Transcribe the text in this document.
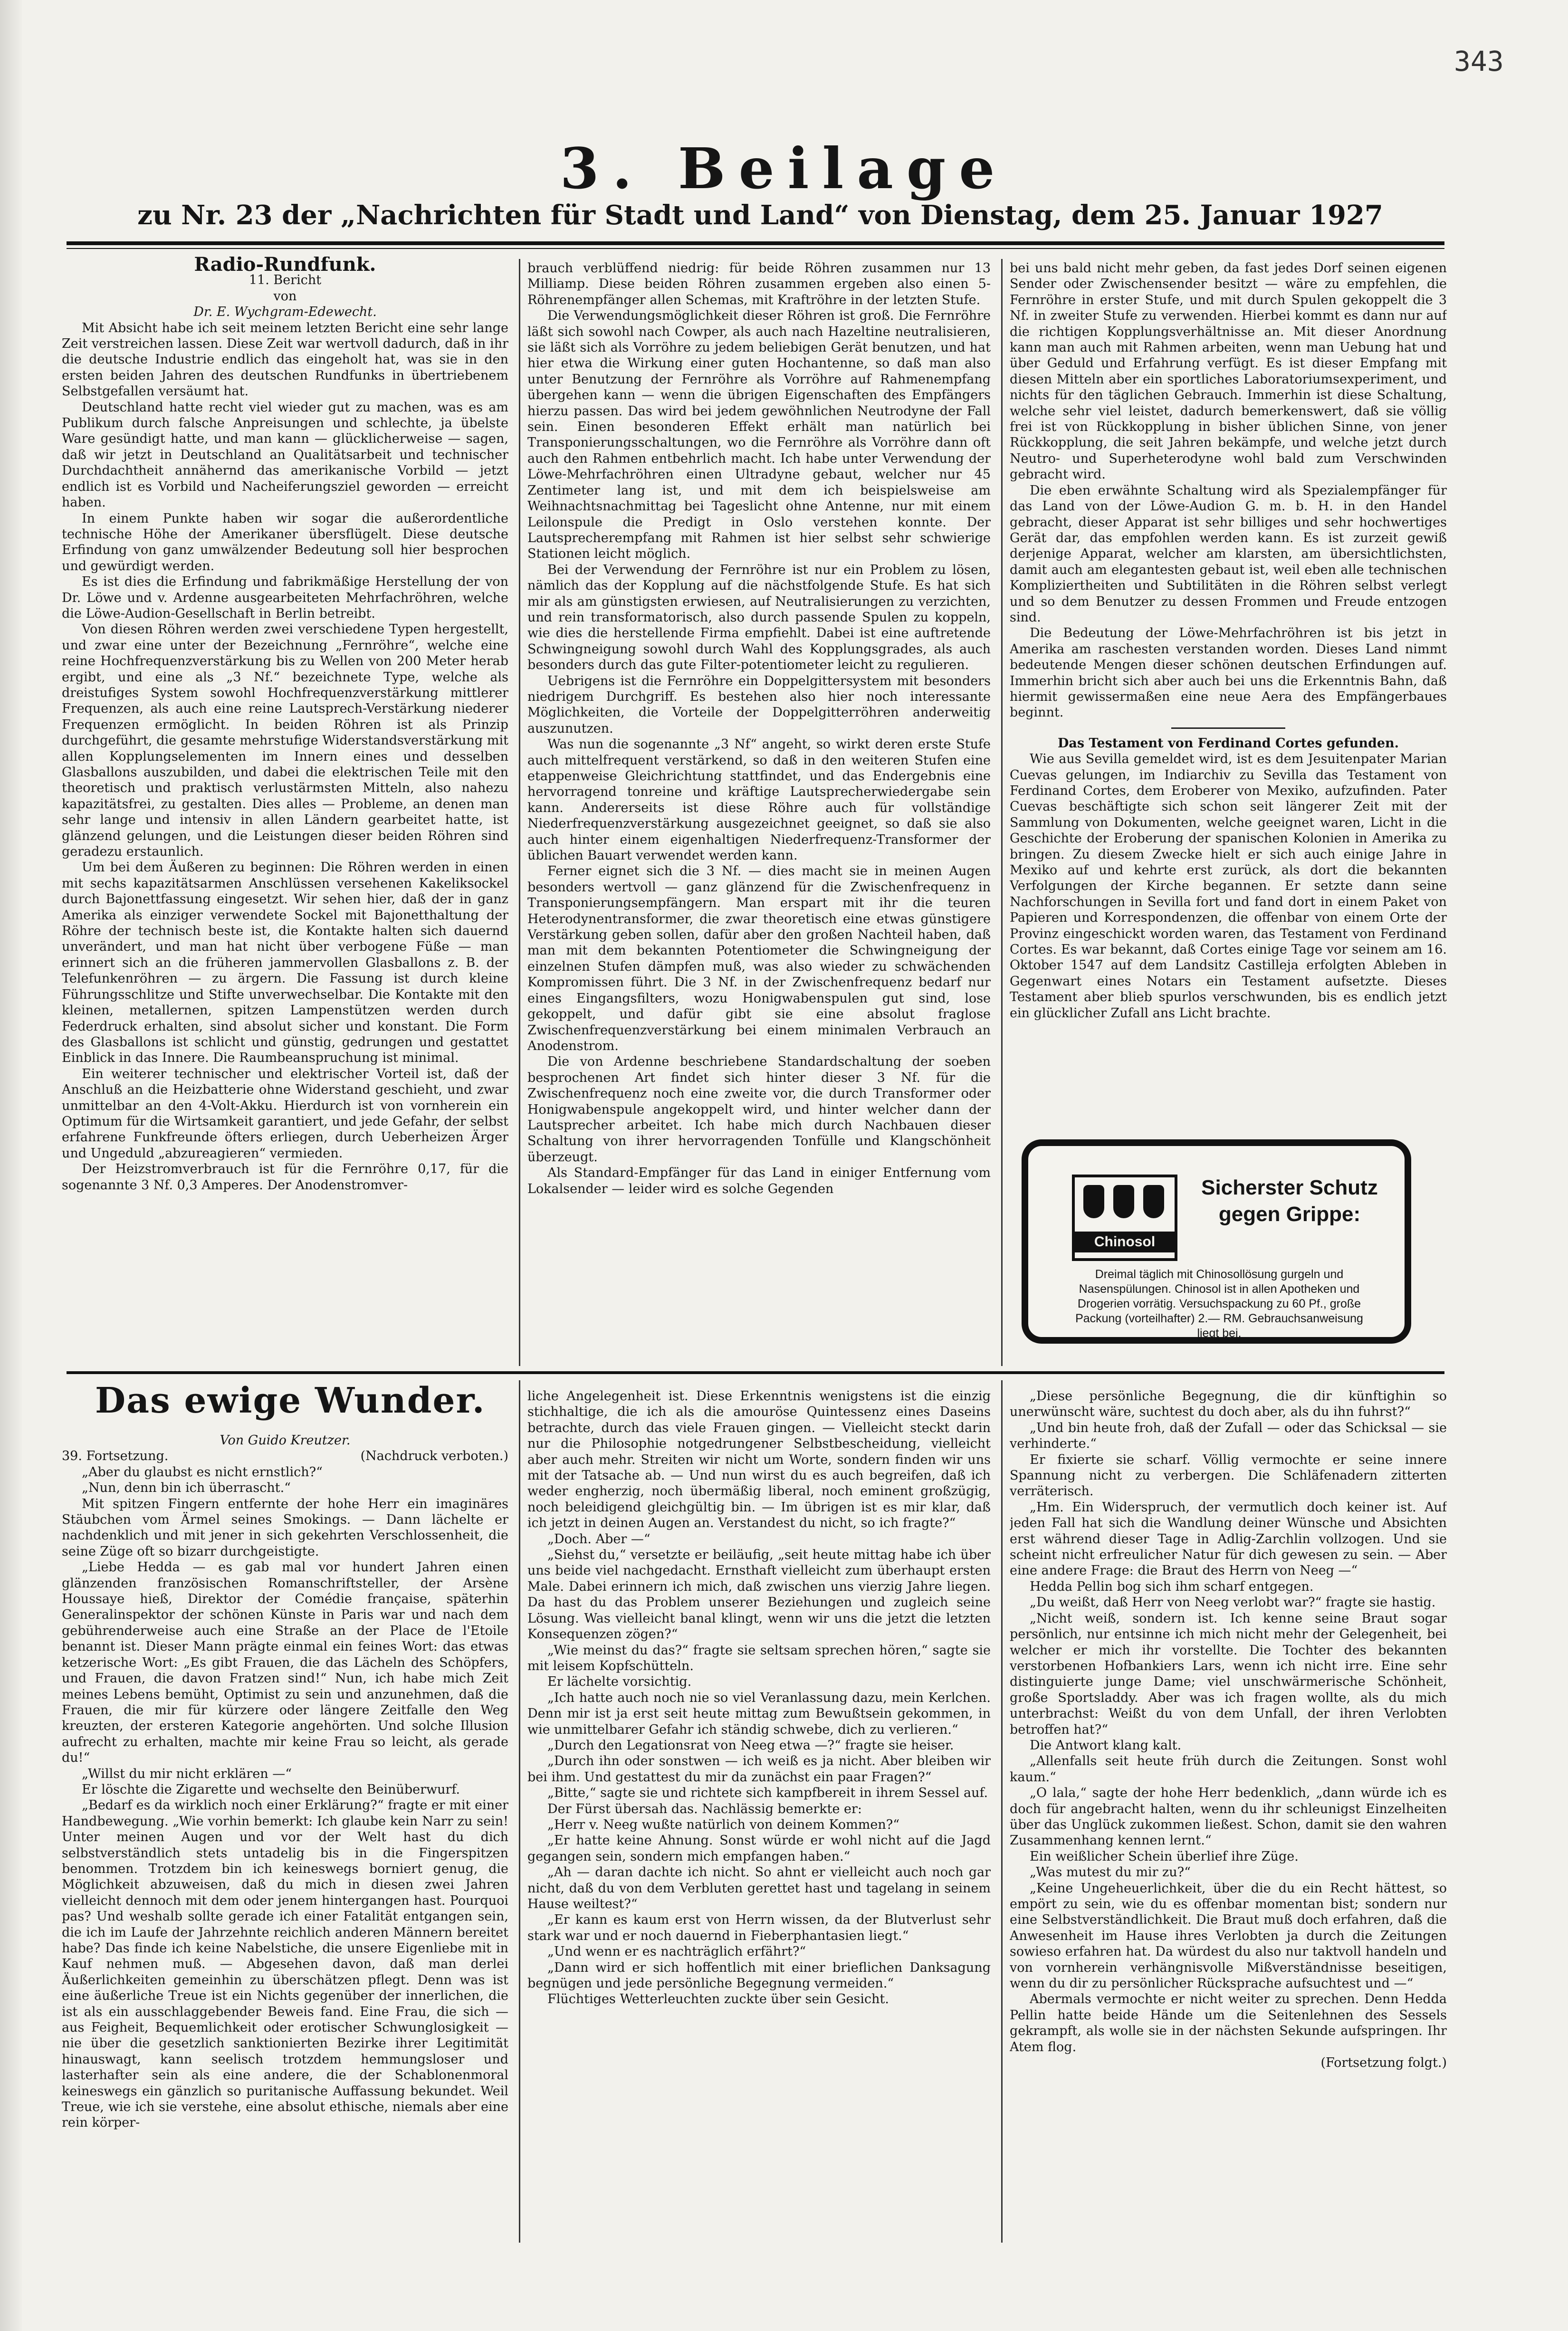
343
3. Beilage
zu Nr. 23 der „Nachrichten für Stadt und Land“ von Dienstag, dem 25. Januar 1927

Radio-Rundfunk.

11. Bericht

von

Dr. E. Wychgram-Edewecht.

Mit Absicht habe ich seit meinem letzten Bericht eine sehr lange Zeit verstreichen lassen. Diese Zeit war wertvoll dadurch, daß in ihr die deutsche Industrie endlich das eingeholt hat, was sie in den ersten beiden Jahren des deutschen Rundfunks in übertriebenem Selbstgefallen versäumt hat.

Deutschland hatte recht viel wieder gut zu machen, was es am Publikum durch falsche Anpreisungen und schlechte, ja übelste Ware gesündigt hatte, und man kann — glücklicherweise — sagen, daß wir jetzt in Deutschland an Qualitätsarbeit und technischer Durchdachtheit annähernd das amerikanische Vorbild — jetzt endlich ist es Vorbild und Nacheiferungsziel geworden — erreicht haben.

In einem Punkte haben wir sogar die außerordentliche technische Höhe der Amerikaner übersflügelt. Diese deutsche Erfindung von ganz umwälzender Bedeutung soll hier besprochen und gewürdigt werden.

Es ist dies die Erfindung und fabrikmäßige Herstellung der von Dr. Löwe und v. Ardenne ausgearbeiteten Mehrfachröhren, welche die Löwe-Audion-Gesellschaft in Berlin betreibt.

Von diesen Röhren werden zwei verschiedene Typen hergestellt, und zwar eine unter der Bezeichnung „Fernröhre“, welche eine reine Hochfrequenzverstärkung bis zu Wellen von 200 Meter herab ergibt, und eine als „3 Nf.“ bezeichnete Type, welche als dreistufiges System sowohl Hochfrequenzverstärkung mittlerer Frequenzen, als auch eine reine Lautsprech-Verstärkung niederer Frequenzen ermöglicht. In beiden Röhren ist als Prinzip durchgeführt, die gesamte mehrstufige Widerstandsverstärkung mit allen Kopplungselementen im Innern eines und desselben Glasballons auszubilden, und dabei die elektrischen Teile mit den theoretisch und praktisch verlustärmsten Mitteln, also nahezu kapazitätsfrei, zu gestalten. Dies alles — Probleme, an denen man sehr lange und intensiv in allen Ländern gearbeitet hatte, ist glänzend gelungen, und die Leistungen dieser beiden Röhren sind geradezu erstaunlich.

Um bei dem Äußeren zu beginnen: Die Röhren werden in einen mit sechs kapazitätsarmen Anschlüssen versehenen Kakeliksockel durch Bajonettfassung eingesetzt. Wir sehen hier, daß der in ganz Amerika als einziger verwendete Sockel mit Bajonetthaltung der Röhre der technisch beste ist, die Kontakte halten sich dauernd unverändert, und man hat nicht über verbogene Füße — man erinnert sich an die früheren jammervollen Glasballons z. B. der Telefunkenröhren — zu ärgern. Die Fassung ist durch kleine Führungsschlitze und Stifte unverwechselbar. Die Kontakte mit den kleinen, metallernen, spitzen Lampenstützen werden durch Federdruck erhalten, sind absolut sicher und konstant. Die Form des Glasballons ist schlicht und günstig, gedrungen und gestattet Einblick in das Innere. Die Raumbeanspruchung ist minimal.

Ein weiterer technischer und elektrischer Vorteil ist, daß der Anschluß an die Heizbatterie ohne Widerstand geschieht, und zwar unmittelbar an den 4-Volt-Akku. Hierdurch ist von vornherein ein Optimum für die Wirtsamkeit garantiert, und jede Gefahr, der selbst erfahrene Funkfreunde öfters erliegen, durch Ueberheizen Ärger und Ungeduld „abzureagieren“ vermieden.

Der Heizstromverbrauch ist für die Fernröhre 0,17, für die sogenannte 3 Nf. 0,3 Amperes. Der Anodenstromver-

brauch verblüffend niedrig: für beide Röhren zusammen nur 13 Milliamp. Diese beiden Röhren zusammen ergeben also einen 5-Röhrenempfänger allen Schemas, mit Kraftröhre in der letzten Stufe.

Die Verwendungsmöglichkeit dieser Röhren ist groß. Die Fernröhre läßt sich sowohl nach Cowper, als auch nach Hazeltine neutralisieren, sie läßt sich als Vorröhre zu jedem beliebigen Gerät benutzen, und hat hier etwa die Wirkung einer guten Hochantenne, so daß man also unter Benutzung der Fernröhre als Vorröhre auf Rahmenempfang übergehen kann — wenn die übrigen Eigenschaften des Empfängers hierzu passen. Das wird bei jedem gewöhnlichen Neutrodyne der Fall sein. Einen besonderen Effekt erhält man natürlich bei Transponierungsschaltungen, wo die Fernröhre als Vorröhre dann oft auch den Rahmen entbehrlich macht. Ich habe unter Verwendung der Löwe-Mehrfachröhren einen Ultradyne gebaut, welcher nur 45 Zentimeter lang ist, und mit dem ich beispielsweise am Weihnachtsnachmittag bei Tageslicht ohne Antenne, nur mit einem Leilonspule die Predigt in Oslo verstehen konnte. Der Lautsprecherempfang mit Rahmen ist hier selbst sehr schwierige Stationen leicht möglich.

Bei der Verwendung der Fernröhre ist nur ein Problem zu lösen, nämlich das der Kopplung auf die nächstfolgende Stufe. Es hat sich mir als am günstigsten erwiesen, auf Neutralisierungen zu verzichten, und rein transformatorisch, also durch passende Spulen zu koppeln, wie dies die herstellende Firma empfiehlt. Dabei ist eine auftretende Schwingneigung sowohl durch Wahl des Kopplungsgrades, als auch besonders durch das gute Filter-potentiometer leicht zu regulieren.

Uebrigens ist die Fernröhre ein Doppelgittersystem mit besonders niedrigem Durchgriff. Es bestehen also hier noch interessante Möglichkeiten, die Vorteile der Doppelgitterröhren anderweitig auszunutzen.

Was nun die sogenannte „3 Nf“ angeht, so wirkt deren erste Stufe auch mittelfrequent verstärkend, so daß in den weiteren Stufen eine etappenweise Gleichrichtung stattfindet, und das Endergebnis eine hervorragend tonreine und kräftige Lautsprecherwiedergabe sein kann. Andererseits ist diese Röhre auch für vollständige Niederfrequenzverstärkung ausgezeichnet geeignet, so daß sie also auch hinter einem eigenhaltigen Niederfrequenz-Transformer der üblichen Bauart verwendet werden kann.

Ferner eignet sich die 3 Nf. — dies macht sie in meinen Augen besonders wertvoll — ganz glänzend für die Zwischenfrequenz in Transponierungsempfängern. Man erspart mit ihr die teuren Heterodynentransformer, die zwar theoretisch eine etwas günstigere Verstärkung geben sollen, dafür aber den großen Nachteil haben, daß man mit dem bekannten Potentiometer die Schwingneigung der einzelnen Stufen dämpfen muß, was also wieder zu schwächenden Kompromissen führt. Die 3 Nf. in der Zwischenfrequenz bedarf nur eines Eingangsfilters, wozu Honigwabenspulen gut sind, lose gekoppelt, und dafür gibt sie eine absolut fraglose Zwischenfrequenzverstärkung bei einem minimalen Verbrauch an Anodenstrom.

Die von Ardenne beschriebene Standardschaltung der soeben besprochenen Art findet sich hinter dieser 3 Nf. für die Zwischenfrequenz noch eine zweite vor, die durch Transformer oder Honigwabenspule angekoppelt wird, und hinter welcher dann der Lautsprecher arbeitet. Ich habe mich durch Nachbauen dieser Schaltung von ihrer hervorragenden Tonfülle und Klangschönheit überzeugt.

Als Standard-Empfänger für das Land in einiger Entfernung vom Lokalsender — leider wird es solche Gegenden

bei uns bald nicht mehr geben, da fast jedes Dorf seinen eigenen Sender oder Zwischensender besitzt — wäre zu empfehlen, die Fernröhre in erster Stufe, und mit durch Spulen gekoppelt die 3 Nf. in zweiter Stufe zu verwenden. Hierbei kommt es dann nur auf die richtigen Kopplungsverhältnisse an. Mit dieser Anordnung kann man auch mit Rahmen arbeiten, wenn man Uebung hat und über Geduld und Erfahrung verfügt. Es ist dieser Empfang mit diesen Mitteln aber ein sportliches Laboratoriumsexperiment, und nichts für den täglichen Gebrauch. Immerhin ist diese Schaltung, welche sehr viel leistet, dadurch bemerkenswert, daß sie völlig frei ist von Rückkopplung in bisher üblichen Sinne, von jener Rückkopplung, die seit Jahren bekämpfe, und welche jetzt durch Neutro- und Superheterodyne wohl bald zum Verschwinden gebracht wird.

Die eben erwähnte Schaltung wird als Spezialempfänger für das Land von der Löwe-Audion G. m. b. H. in den Handel gebracht, dieser Apparat ist sehr billiges und sehr hochwertiges Gerät dar, das empfohlen werden kann. Es ist zurzeit gewiß derjenige Apparat, welcher am klarsten, am übersichtlichsten, damit auch am elegantesten gebaut ist, weil eben alle technischen Kompliziertheiten und Subtilitäten in die Röhren selbst verlegt und so dem Benutzer zu dessen Frommen und Freude entzogen sind.

Die Bedeutung der Löwe-Mehrfachröhren ist bis jetzt in Amerika am raschesten verstanden worden. Dieses Land nimmt bedeutende Mengen dieser schönen deutschen Erfindungen auf. Immerhin bricht sich aber auch bei uns die Erkenntnis Bahn, daß hiermit gewissermaßen eine neue Aera des Empfängerbaues beginnt.

Das Testament von Ferdinand Cortes gefunden.

Wie aus Sevilla gemeldet wird, ist es dem Jesuitenpater Marian Cuevas gelungen, im Indiarchiv zu Sevilla das Testament von Ferdinand Cortes, dem Eroberer von Mexiko, aufzufinden. Pater Cuevas beschäftigte sich schon seit längerer Zeit mit der Sammlung von Dokumenten, welche geeignet waren, Licht in die Geschichte der Eroberung der spanischen Kolonien in Amerika zu bringen. Zu diesem Zwecke hielt er sich auch einige Jahre in Mexiko auf und kehrte erst zurück, als dort die bekannten Verfolgungen der Kirche begannen. Er setzte dann seine Nachforschungen in Sevilla fort und fand dort in einem Paket von Papieren und Korrespondenzen, die offenbar von einem Orte der Provinz eingeschickt worden waren, das Testament von Ferdinand Cortes. Es war bekannt, daß Cortes einige Tage vor seinem am 16. Oktober 1547 auf dem Landsitz Castilleja erfolgten Ableben in Gegenwart eines Notars ein Testament aufsetzte. Dieses Testament aber blieb spurlos verschwunden, bis es endlich jetzt ein glücklicher Zufall ans Licht brachte.

Chinosol
Sicherster Schutz
gegen Grippe:
Dreimal täglich mit Chinosollösung gurgeln und Nasenspülungen. Chinosol ist in allen Apotheken und Drogerien vorrätig. Versuchspackung zu 60 Pf., große Packung (vorteilhafter) 2.— RM. Gebrauchsanweisung liegt bei.
Das ewige Wunder.

Von Guido Kreutzer.

39. Fortsetzung.	(Nachdruck verboten.)

„Aber du glaubst es nicht ernstlich?“

„Nun, denn bin ich überrascht.“

Mit spitzen Fingern entfernte der hohe Herr ein imaginäres Stäubchen vom Ärmel seines Smokings. — Dann lächelte er nachdenklich und mit jener in sich gekehrten Verschlossenheit, die seine Züge oft so bizarr durchgeistigte.

„Liebe Hedda — es gab mal vor hundert Jahren einen glänzenden französischen Romanschriftsteller, der Arsène Houssaye hieß, Direktor der Comédie française, späterhin Generalinspektor der schönen Künste in Paris war und nach dem gebührenderweise auch eine Straße an der Place de l'Etoile benannt ist. Dieser Mann prägte einmal ein feines Wort: das etwas ketzerische Wort: „Es gibt Frauen, die das Lächeln des Schöpfers, und Frauen, die davon Fratzen sind!“ Nun, ich habe mich Zeit meines Lebens bemüht, Optimist zu sein und anzunehmen, daß die Frauen, die mir für kürzere oder längere Zeitfalle den Weg kreuzten, der ersteren Kategorie angehörten. Und solche Illusion aufrecht zu erhalten, machte mir keine Frau so leicht, als gerade du!“

„Willst du mir nicht erklären —“

Er löschte die Zigarette und wechselte den Beinüberwurf.

„Bedarf es da wirklich noch einer Erklärung?“ fragte er mit einer Handbewegung. „Wie vorhin bemerkt: Ich glaube kein Narr zu sein! Unter meinen Augen und vor der Welt hast du dich selbstverständlich stets untadelig bis in die Fingerspitzen benommen. Trotzdem bin ich keineswegs borniert genug, die Möglichkeit abzuweisen, daß du mich in diesen zwei Jahren vielleicht dennoch mit dem oder jenem hintergangen hast. Pourquoi pas? Und weshalb sollte gerade ich einer Fatalität entgangen sein, die ich im Laufe der Jahrzehnte reichlich anderen Männern bereitet habe? Das finde ich keine Nabelstiche, die unsere Eigenliebe mit in Kauf nehmen muß. — Abgesehen davon, daß man derlei Äußerlichkeiten gemeinhin zu überschätzen pflegt. Denn was ist eine äußerliche Treue ist ein Nichts gegenüber der innerlichen, die ist als ein ausschlaggebender Beweis fand. Eine Frau, die sich — aus Feigheit, Bequemlichkeit oder erotischer Schwunglosigkeit — nie über die gesetzlich sanktionierten Bezirke ihrer Legitimität hinauswagt, kann seelisch trotzdem hemmungsloser und lasterhafter sein als eine andere, die der Schablonenmoral keineswegs ein gänzlich so puritanische Auffassung bekundet. Weil Treue, wie ich sie verstehe, eine absolut ethische, niemals aber eine rein körper-

liche Angelegenheit ist. Diese Erkenntnis wenigstens ist die einzig stichhaltige, die ich als die amouröse Quintessenz eines Daseins betrachte, durch das viele Frauen gingen. — Vielleicht steckt darin nur die Philosophie notgedrungener Selbstbescheidung, vielleicht aber auch mehr. Streiten wir nicht um Worte, sondern finden wir uns mit der Tatsache ab. — Und nun wirst du es auch begreifen, daß ich weder engherzig, noch übermäßig liberal, noch eminent großzügig, noch beleidigend gleichgültig bin. — Im übrigen ist es mir klar, daß ich jetzt in deinen Augen an. Verstandest du nicht, so ich fragte?“

„Doch. Aber —“

„Siehst du,“ versetzte er beiläufig, „seit heute mittag habe ich über uns beide viel nachgedacht. Ernsthaft vielleicht zum überhaupt ersten Male. Dabei erinnern ich mich, daß zwischen uns vierzig Jahre liegen. Da hast du das Problem unserer Beziehungen und zugleich seine Lösung. Was vielleicht banal klingt, wenn wir uns die jetzt die letzten Konsequenzen zögen?“

„Wie meinst du das?“ fragte sie seltsam sprechen hören,“ sagte sie mit leisem Kopfschütteln.

Er lächelte vorsichtig.

„Ich hatte auch noch nie so viel Veranlassung dazu, mein Kerlchen. Denn mir ist ja erst seit heute mittag zum Bewußtsein gekommen, in wie unmittelbarer Gefahr ich ständig schwebe, dich zu verlieren.“

„Durch den Legationsrat von Neeg etwa —?“ fragte sie heiser.

„Durch ihn oder sonstwen — ich weiß es ja nicht. Aber bleiben wir bei ihm. Und gestattest du mir da zunächst ein paar Fragen?“

„Bitte,“ sagte sie und richtete sich kampfbereit in ihrem Sessel auf.

Der Fürst übersah das. Nachlässig bemerkte er:

„Herr v. Neeg wußte natürlich von deinem Kommen?“

„Er hatte keine Ahnung. Sonst würde er wohl nicht auf die Jagd gegangen sein, sondern mich empfangen haben.“

„Ah — daran dachte ich nicht. So ahnt er vielleicht auch noch gar nicht, daß du von dem Verbluten gerettet hast und tagelang in seinem Hause weiltest?“

„Er kann es kaum erst von Herrn wissen, da der Blutverlust sehr stark war und er noch dauernd in Fieberphantasien liegt.“

„Und wenn er es nachträglich erfährt?“

„Dann wird er sich hoffentlich mit einer brieflichen Danksagung begnügen und jede persönliche Begegnung vermeiden.“

Flüchtiges Wetterleuchten zuckte über sein Gesicht.

„Diese persönliche Begegnung, die dir künftighin so unerwünscht wäre, suchtest du doch aber, als du ihn fuhrst?“

„Und bin heute froh, daß der Zufall — oder das Schicksal — sie verhinderte.“

Er fixierte sie scharf. Völlig vermochte er seine innere Spannung nicht zu verbergen. Die Schläfenadern zitterten verräterisch.

„Hm. Ein Widerspruch, der vermutlich doch keiner ist. Auf jeden Fall hat sich die Wandlung deiner Wünsche und Absichten erst während dieser Tage in Adlig-Zarchlin vollzogen. Und sie scheint nicht erfreulicher Natur für dich gewesen zu sein. — Aber eine andere Frage: die Braut des Herrn von Neeg —“

Hedda Pellin bog sich ihm scharf entgegen.

„Du weißt, daß Herr von Neeg verlobt war?“ fragte sie hastig.

„Nicht weiß, sondern ist. Ich kenne seine Braut sogar persönlich, nur entsinne ich mich nicht mehr der Gelegenheit, bei welcher er mich ihr vorstellte. Die Tochter des bekannten verstorbenen Hofbankiers Lars, wenn ich nicht irre. Eine sehr distinguierte junge Dame; viel unschwärmerische Schönheit, große Sportsladdy. Aber was ich fragen wollte, als du mich unterbrachst: Weißt du von dem Unfall, der ihren Verlobten betroffen hat?“

Die Antwort klang kalt.

„Allenfalls seit heute früh durch die Zeitungen. Sonst wohl kaum.“

„O lala,“ sagte der hohe Herr bedenklich, „dann würde ich es doch für angebracht halten, wenn du ihr schleunigst Einzelheiten über das Unglück zukommen ließest. Schon, damit sie den wahren Zusammenhang kennen lernt.“

Ein weißlicher Schein überlief ihre Züge.

„Was mutest du mir zu?“

„Keine Ungeheuerlichkeit, über die du ein Recht hättest, so empört zu sein, wie du es offenbar momentan bist; sondern nur eine Selbstverständlichkeit. Die Braut muß doch erfahren, daß die Anwesenheit im Hause ihres Verlobten ja durch die Zeitungen sowieso erfahren hat. Da würdest du also nur taktvoll handeln und von vornherein verhängnisvolle Mißverständnisse beseitigen, wenn du dir zu persönlicher Rücksprache aufsuchtest und —“

Abermals vermochte er nicht weiter zu sprechen. Denn Hedda Pellin hatte beide Hände um die Seitenlehnen des Sessels gekrampft, als wolle sie in der nächsten Sekunde aufspringen. Ihr Atem flog.

(Fortsetzung folgt.)
